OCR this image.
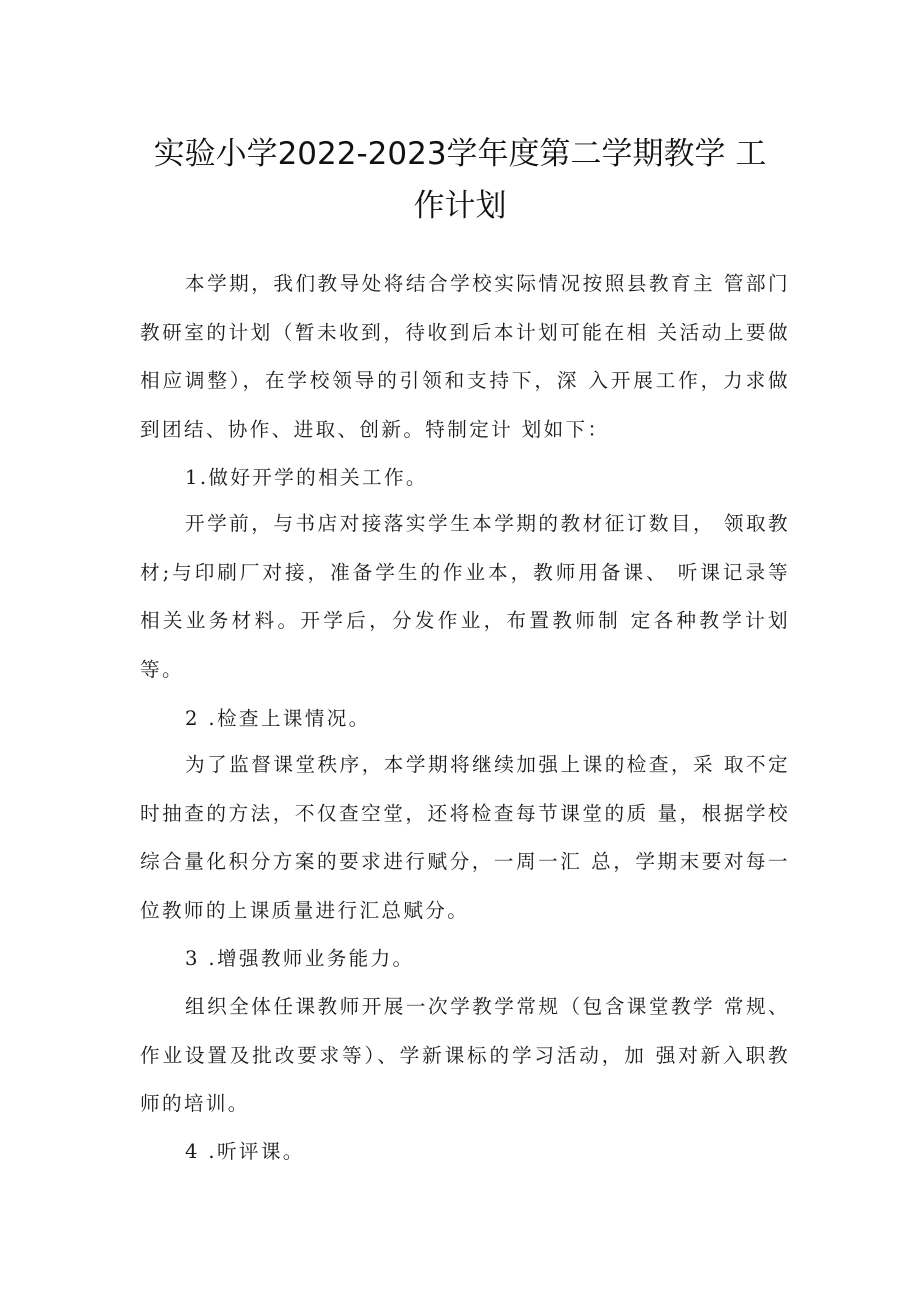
实验小学2022-2023学年度第二学期教学 工
作计划

本学期，我们教导处将结合学校实际情况按照县教育主 管部门教研室的计划（暂未收到，待收到后本计划可能在相 关活动上要做相应调整），在学校领导的引领和支持下，深 入开展工作，力求做到团结、协作、进取、创新。特制定计 划如下：

1.做好开学的相关工作。

开学前，与书店对接落实学生本学期的教材征订数目， 领取教材;与印刷厂对接，准备学生的作业本，教师用备课、 听课记录等相关业务材料。开学后，分发作业，布置教师制 定各种教学计划等。

2 .检查上课情况。

为了监督课堂秩序，本学期将继续加强上课的检查，采 取不定时抽查的方法，不仅查空堂，还将检查每节课堂的质 量，根据学校综合量化积分方案的要求进行赋分，一周一汇 总，学期末要对每一位教师的上课质量进行汇总赋分。

3 .增强教师业务能力。

组织全体任课教师开展一次学教学常规（包含课堂教学 常规、作业设置及批改要求等）、学新课标的学习活动，加 强对新入职教师的培训。

4 .听评课。
